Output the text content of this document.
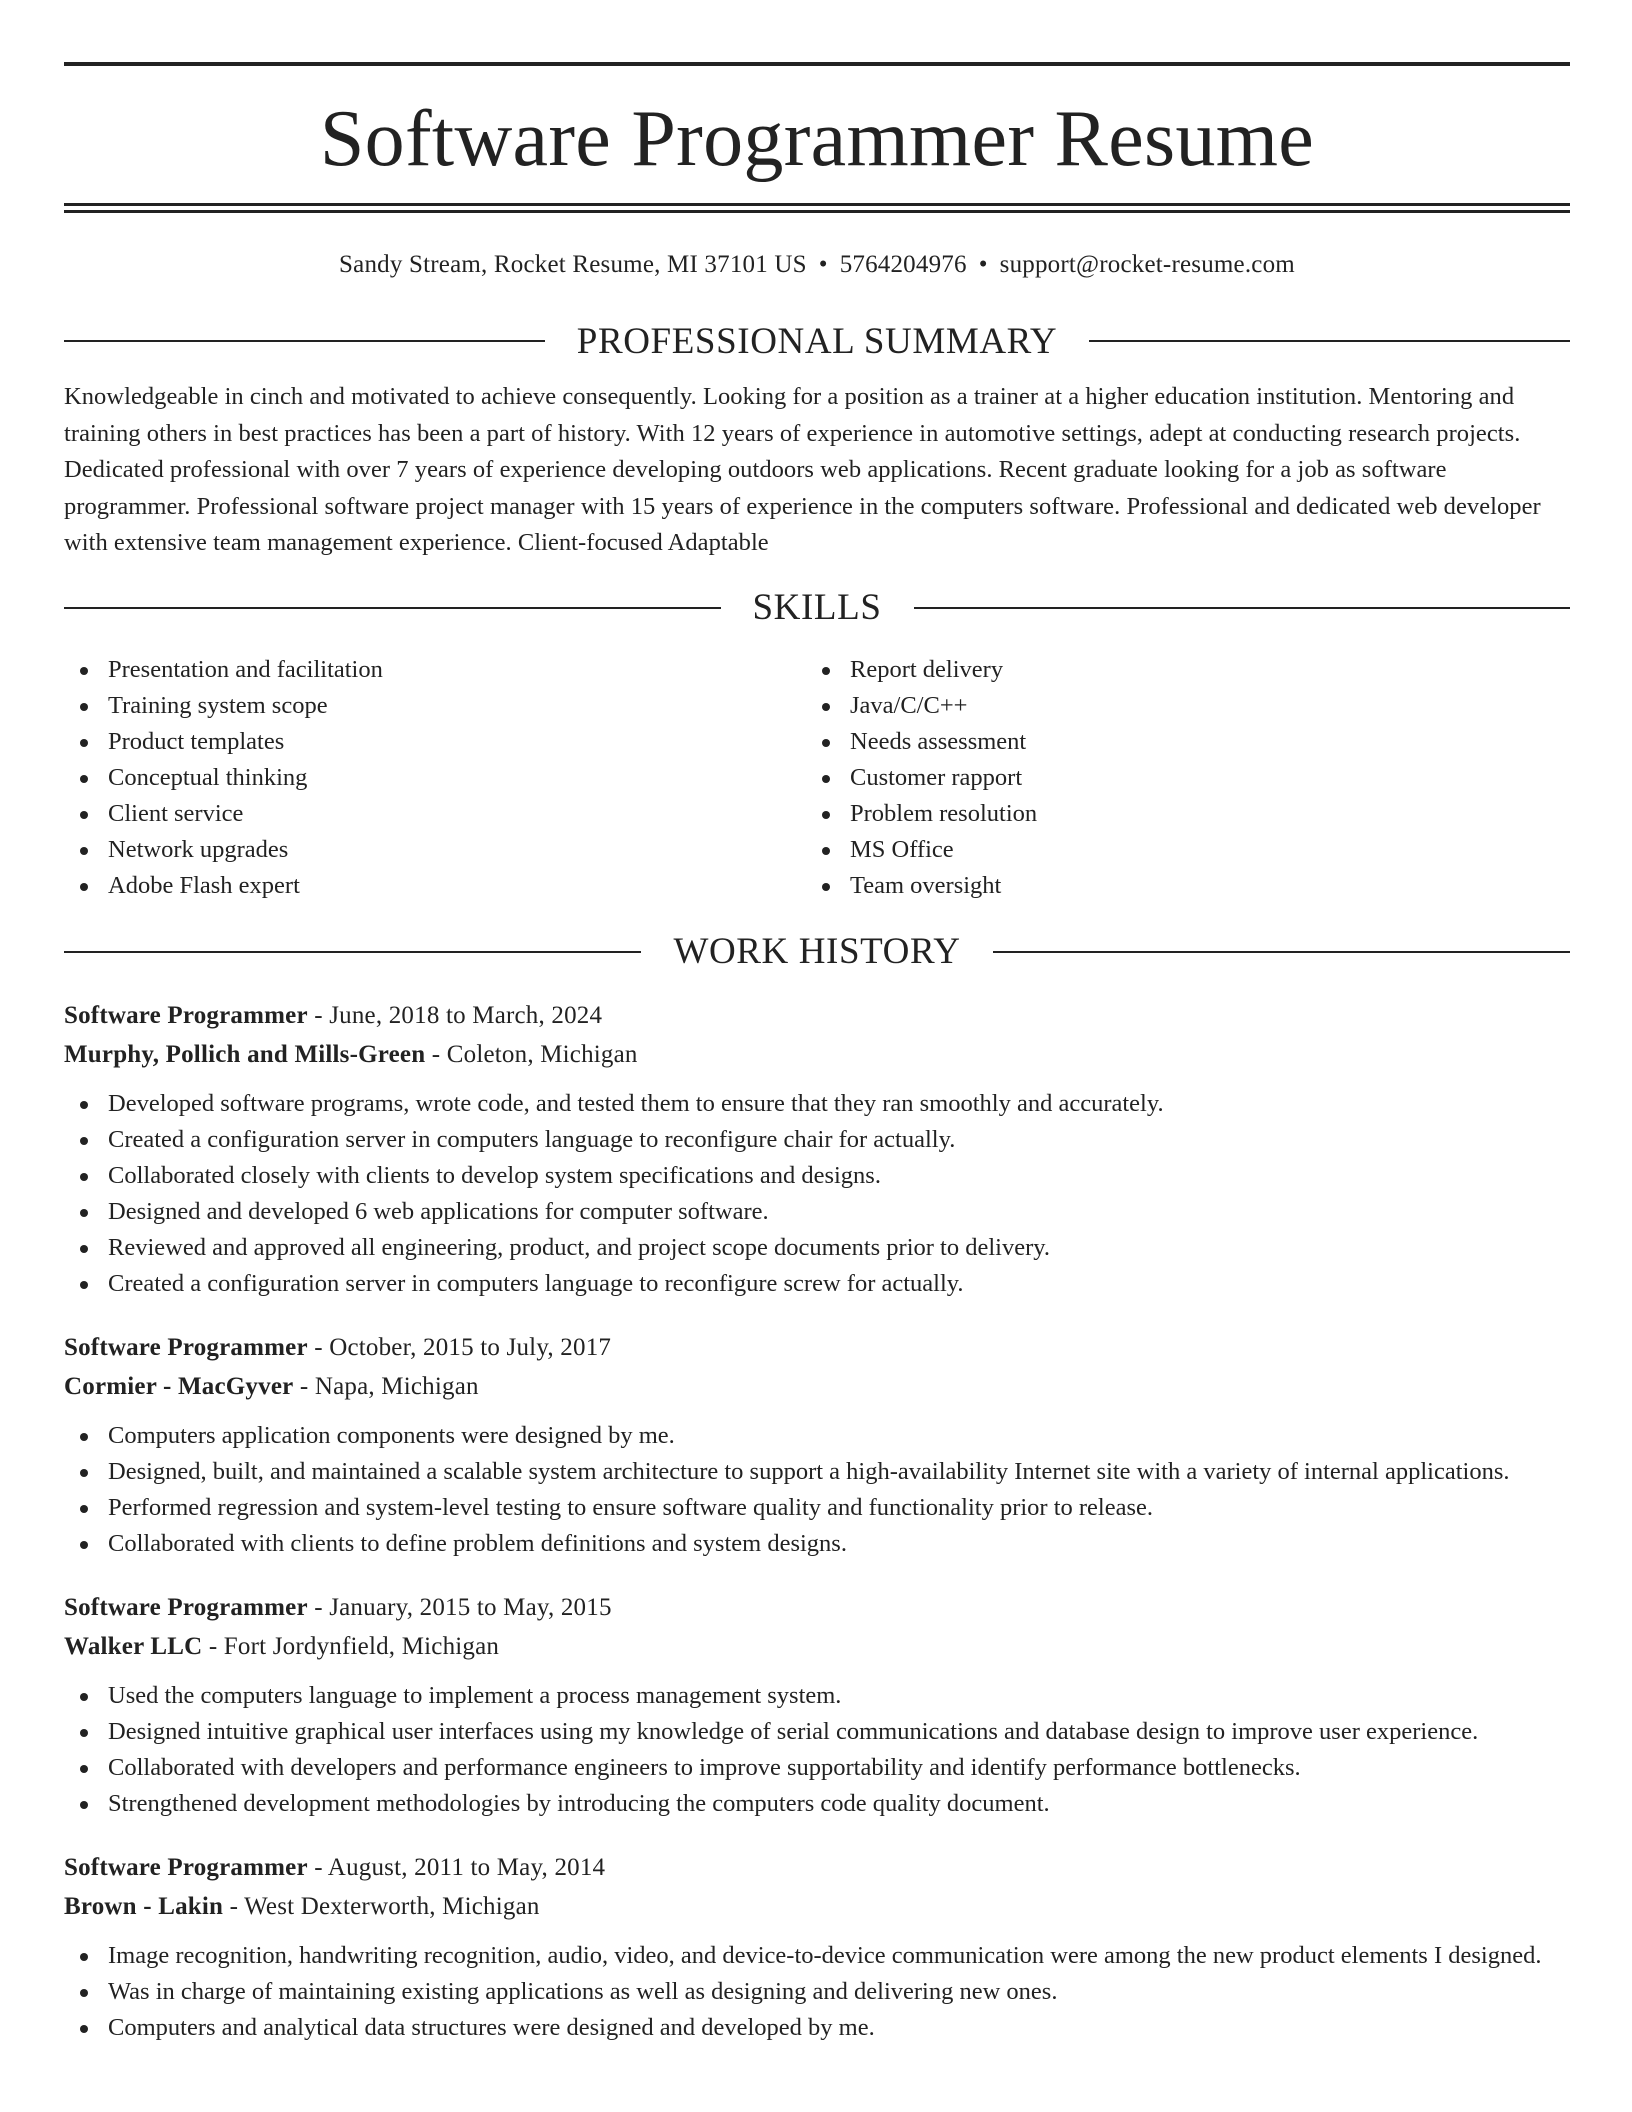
Software Programmer Resume
Sandy Stream, Rocket Resume, MI 37101 US • 5764204976 • support@rocket-resume.com
PROFESSIONAL SUMMARY
Knowledgeable in cinch and motivated to achieve consequently. Looking for a position as a trainer at a higher education institution. Mentoring and training others in best practices has been a part of history. With 12 years of experience in automotive settings, adept at conducting research projects. Dedicated professional with over 7 years of experience developing outdoors web applications. Recent graduate looking for a job as software programmer. Professional software project manager with 15 years of experience in the computers software. Professional and dedicated web developer with extensive team management experience. Client-focused Adaptable
SKILLS
Presentation and facilitation
Training system scope
Product templates
Conceptual thinking
Client service
Network upgrades
Adobe Flash expert
Report delivery
Java/C/C++
Needs assessment
Customer rapport
Problem resolution
MS Office
Team oversight
WORK HISTORY
Software Programmer - June, 2018 to March, 2024
Murphy, Pollich and Mills-Green - Coleton, Michigan
Developed software programs, wrote code, and tested them to ensure that they ran smoothly and accurately.
Created a configuration server in computers language to reconfigure chair for actually.
Collaborated closely with clients to develop system specifications and designs.
Designed and developed 6 web applications for computer software.
Reviewed and approved all engineering, product, and project scope documents prior to delivery.
Created a configuration server in computers language to reconfigure screw for actually.
Software Programmer - October, 2015 to July, 2017
Cormier - MacGyver - Napa, Michigan
Computers application components were designed by me.
Designed, built, and maintained a scalable system architecture to support a high-availability Internet site with a variety of internal applications.
Performed regression and system-level testing to ensure software quality and functionality prior to release.
Collaborated with clients to define problem definitions and system designs.
Software Programmer - January, 2015 to May, 2015
Walker LLC - Fort Jordynfield, Michigan
Used the computers language to implement a process management system.
Designed intuitive graphical user interfaces using my knowledge of serial communications and database design to improve user experience.
Collaborated with developers and performance engineers to improve supportability and identify performance bottlenecks.
Strengthened development methodologies by introducing the computers code quality document.
Software Programmer - August, 2011 to May, 2014
Brown - Lakin - West Dexterworth, Michigan
Image recognition, handwriting recognition, audio, video, and device-to-device communication were among the new product elements I designed.
Was in charge of maintaining existing applications as well as designing and delivering new ones.
Computers and analytical data structures were designed and developed by me.
